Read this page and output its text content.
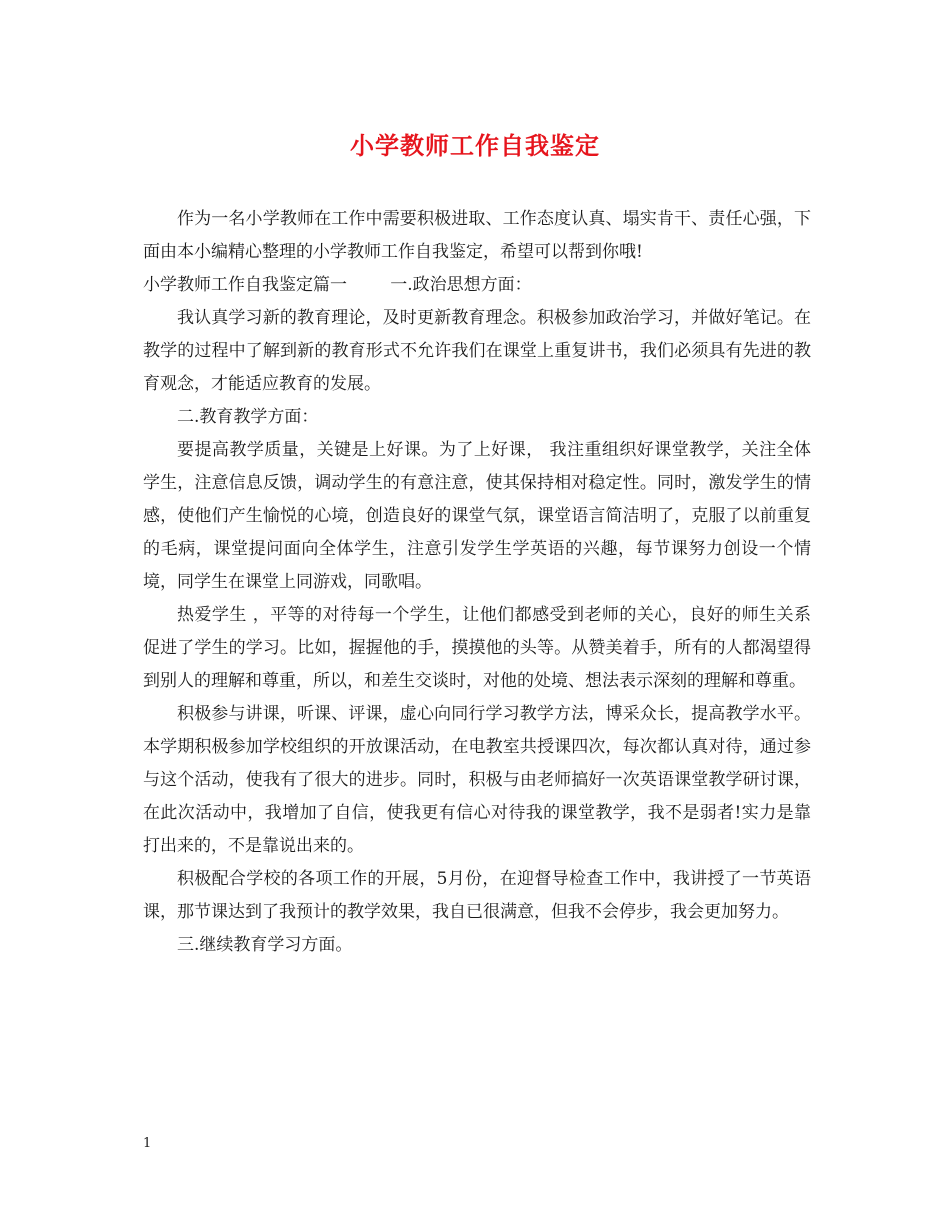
小学教师工作自我鉴定

作为一名小学教师在工作中需要积极进取、工作态度认真、塌实肯干、责任心强，下面由本小编精心整理的小学教师工作自我鉴定，希望可以帮到你哦!

小学教师工作自我鉴定篇一        一.政治思想方面：

我认真学习新的教育理论，及时更新教育理念。积极参加政治学习，并做好笔记。在教学的过程中了解到新的教育形式不允许我们在课堂上重复讲书，我们必须具有先进的教育观念，才能适应教育的发展。

二.教育教学方面：

要提高教学质量，关键是上好课。为了上好课， 我注重组织好课堂教学，关注全体学生，注意信息反馈，调动学生的有意注意，使其保持相对稳定性。同时，激发学生的情感，使他们产生愉悦的心境，创造良好的课堂气氛，课堂语言简洁明了，克服了以前重复的毛病，课堂提问面向全体学生，注意引发学生学英语的兴趣，每节课努力创设一个情境，同学生在课堂上同游戏，同歌唱。

热爱学生 ，平等的对待每一个学生，让他们都感受到老师的关心，良好的师生关系促进了学生的学习。比如，握握他的手，摸摸他的头等。从赞美着手，所有的人都渴望得到别人的理解和尊重，所以，和差生交谈时，对他的处境、想法表示深刻的理解和尊重。

积极参与讲课，听课、评课，虚心向同行学习教学方法，博采众长，提高教学水平。本学期积极参加学校组织的开放课活动，在电教室共授课四次，每次都认真对待，通过参与这个活动，使我有了很大的进步。同时，积极与由老师搞好一次英语课堂教学研讨课，在此次活动中，我增加了自信，使我更有信心对待我的课堂教学，我不是弱者!实力是靠打出来的，不是靠说出来的。

积极配合学校的各项工作的开展，5月份，在迎督导检查工作中，我讲授了一节英语课，那节课达到了我预计的教学效果，我自已很满意，但我不会停步，我会更加努力。

三.继续教育学习方面。

1
